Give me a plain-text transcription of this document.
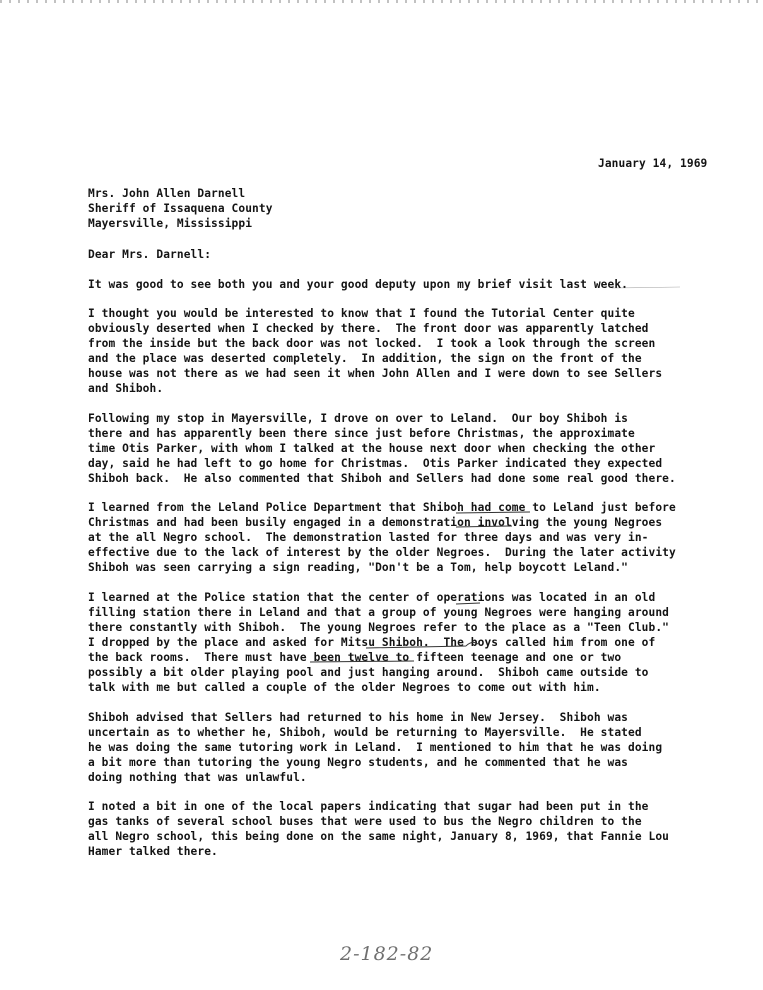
January 14, 1969
Mrs. John Allen Darnell
Sheriff of Issaquena County
Mayersville, Mississippi
Dear Mrs. Darnell:
It was good to see both you and your good deputy upon my brief visit last week.
I thought you would be interested to know that I found the Tutorial Center quite
obviously deserted when I checked by there.  The front door was apparently latched
from the inside but the back door was not locked.  I took a look through the screen
and the place was deserted completely.  In addition, the sign on the front of the
house was not there as we had seen it when John Allen and I were down to see Sellers
and Shiboh.
Following my stop in Mayersville, I drove on over to Leland.  Our boy Shiboh is
there and has apparently been there since just before Christmas, the approximate
time Otis Parker, with whom I talked at the house next door when checking the other
day, said he had left to go home for Christmas.  Otis Parker indicated they expected
Shiboh back.  He also commented that Shiboh and Sellers had done some real good there.
I learned from the Leland Police Department that Shiboh had come to Leland just before
Christmas and had been busily engaged in a demonstration involving the young Negroes
at the all Negro school.  The demonstration lasted for three days and was very in-
effective due to the lack of interest by the older Negroes.  During the later activity
Shiboh was seen carrying a sign reading, "Don't be a Tom, help boycott Leland."
I learned at the Police station that the center of operations was located in an old
filling station there in Leland and that a group of young Negroes were hanging around
there constantly with Shiboh.  The young Negroes refer to the place as a "Teen Club."
I dropped by the place and asked for Mitsu Shiboh.  The boys called him from one of
the back rooms.  There must have been twelve to fifteen teenage and one or two
possibly a bit older playing pool and just hanging around.  Shiboh came outside to
talk with me but called a couple of the older Negroes to come out with him.
Shiboh advised that Sellers had returned to his home in New Jersey.  Shiboh was
uncertain as to whether he, Shiboh, would be returning to Mayersville.  He stated
he was doing the same tutoring work in Leland.  I mentioned to him that he was doing
a bit more than tutoring the young Negro students, and he commented that he was
doing nothing that was unlawful.
I noted a bit in one of the local papers indicating that sugar had been put in the
gas tanks of several school buses that were used to bus the Negro children to the
all Negro school, this being done on the same night, January 8, 1969, that Fannie Lou
Hamer talked there.
2-182-82
